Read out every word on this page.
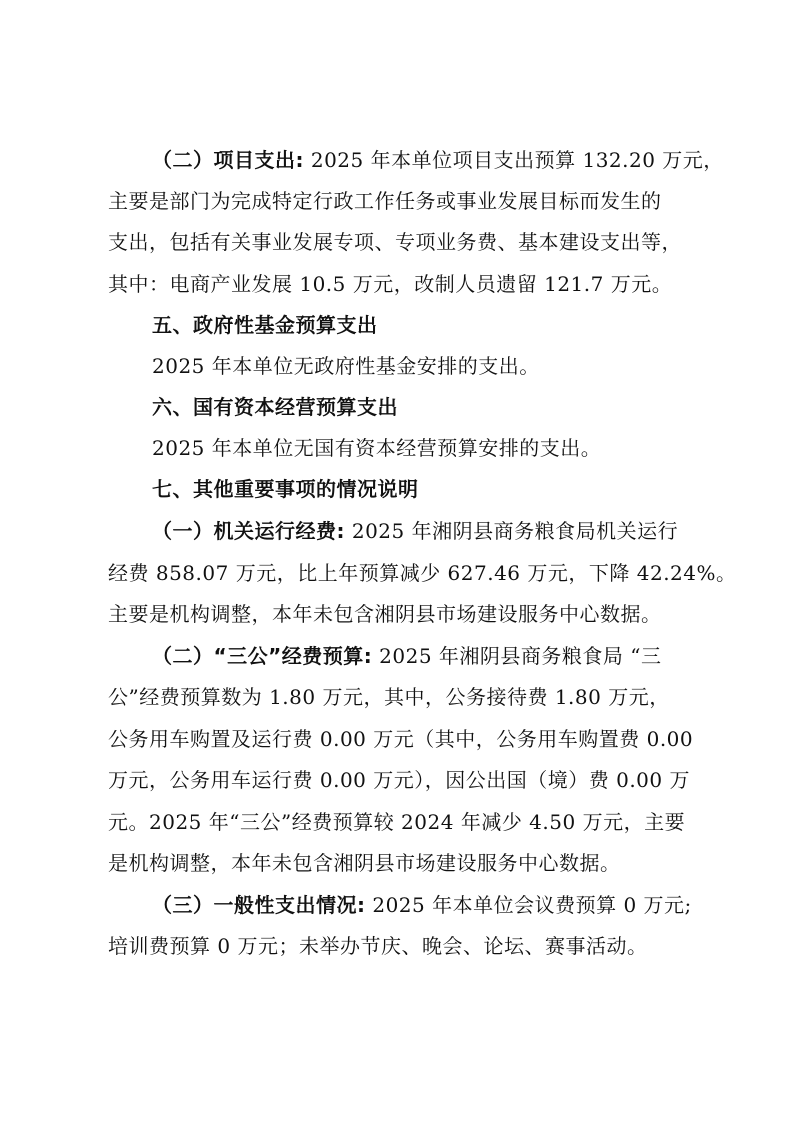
（二）项目支出: 2025 年本单位项目支出预算 132.20 万元，
主要是部门为完成特定行政工作任务或事业发展目标而发生的
支出，包括有关事业发展专项、专项业务费、基本建设支出等，
其中：电商产业发展 10.5 万元，改制人员遗留 121.7 万元。
五、政府性基金预算支出
2025 年本单位无政府性基金安排的支出。
六、国有资本经营预算支出
2025 年本单位无国有资本经营预算安排的支出。
七、其他重要事项的情况说明
（一）机关运行经费: 2025 年湘阴县商务粮食局机关运行
经费 858.07 万元，比上年预算减少 627.46 万元，下降 42.24%。
主要是机构调整，本年未包含湘阴县市场建设服务中心数据。
（二）“三公”经费预算: 2025 年湘阴县商务粮食局 “三
公”经费预算数为 1.80 万元，其中，公务接待费 1.80 万元，
公务用车购置及运行费 0.00 万元（其中，公务用车购置费 0.00
万元，公务用车运行费 0.00 万元），因公出国（境）费 0.00 万
元。2025 年“三公”经费预算较 2024 年减少 4.50 万元，主要
是机构调整，本年未包含湘阴县市场建设服务中心数据。
（三）一般性支出情况: 2025 年本单位会议费预算 0 万元;
培训费预算 0 万元；未举办节庆、晚会、论坛、赛事活动。
